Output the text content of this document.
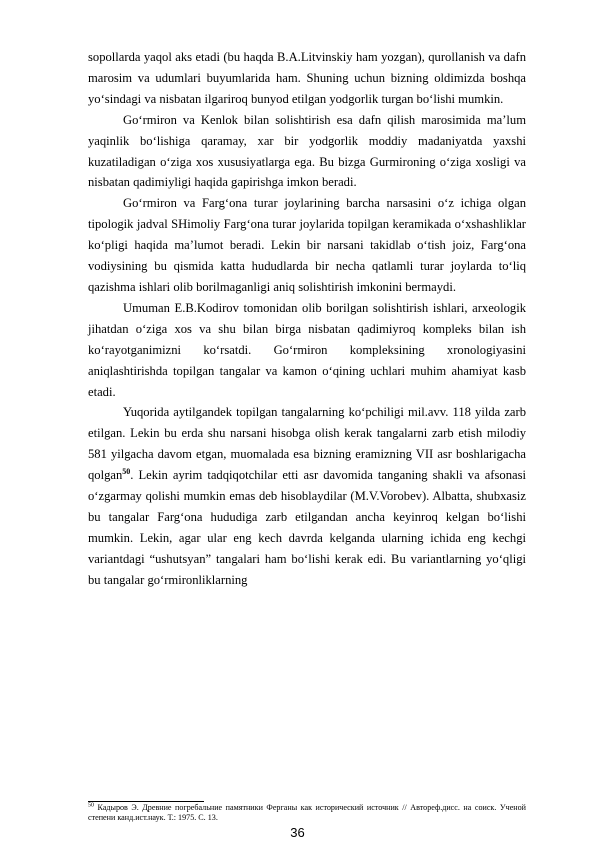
sopollarda yaqol aks etadi (bu haqda B.A.Litvinskiy ham yozgan), qurollanish va dafn marosim va udumlari buyumlarida ham. Shuning uchun bizning oldimizda boshqa yo‘sindagi va nisbatan ilgariroq bunyod etilgan yodgorlik turgan bo‘lishi mumkin.

Go‘rmiron va Kenlok bilan solishtirish esa dafn qilish marosimida ma’lum yaqinlik bo‘lishiga qaramay, xar bir yodgorlik moddiy madaniyatda yaxshi kuzatiladigan o‘ziga xos xususiyatlarga ega. Bu bizga Gurmironing o‘ziga xosligi va nisbatan qadimiyligi haqida gapirishga imkon beradi.

Go‘rmiron va Farg‘ona turar joylarining barcha narsasini o‘z ichiga olgan tipologik jadval SHimoliy Farg‘ona turar joylarida topilgan keramikada o‘xshashliklar ko‘pligi haqida ma’lumot beradi. Lekin bir narsani takidlab o‘tish joiz, Farg‘ona vodiysining bu qismida katta hududlarda bir necha qatlamli turar joylarda to‘liq qazishma ishlari olib borilmaganligi aniq solishtirish imkonini bermaydi.

Umuman E.B.Kodirov tomonidan olib borilgan solishtirish ishlari, arxeologik jihatdan o‘ziga xos va shu bilan birga nisbatan qadimiyroq kompleks bilan ish ko‘rayotganimizni ko‘rsatdi. Go‘rmiron kompleksining xronologiyasini aniqlashtirishda topilgan tangalar va kamon o‘qining uchlari muhim ahamiyat kasb etadi.

Yuqorida aytilgandek topilgan tangalarning ko‘pchiligi mil.avv. 118 yilda zarb etilgan. Lekin bu erda shu narsani hisobga olish kerak tangalarni zarb etish milodiy 581 yilgacha davom etgan, muomalada esa bizning eramizning VII asr boshlarigacha qolgan$^{50}$. Lekin ayrim tadqiqotchilar etti asr davomida tanganing shakli va afsonasi o‘zgarmay qolishi mumkin emas deb hisoblaydilar (M.V.Vorobev). Albatta, shubxasiz bu tangalar Farg‘ona hududiga zarb etilgandan ancha keyinroq kelgan bo‘lishi mumkin. Lekin, agar ular eng kech davrda kelganda ularning ichida eng kechgi variantdagi “ushutsyan” tangalari ham bo‘lishi kerak edi. Bu variantlarning yo‘qligi bu tangalar go‘rmironliklarning

$^{50}$ Кадыров Э. Древние погребальние памятники Ферганы как исторический источник // Автореф.дисс. на соиск. Ученой степени канд.ист.наук. Т.: 1975. С. 13.

36
